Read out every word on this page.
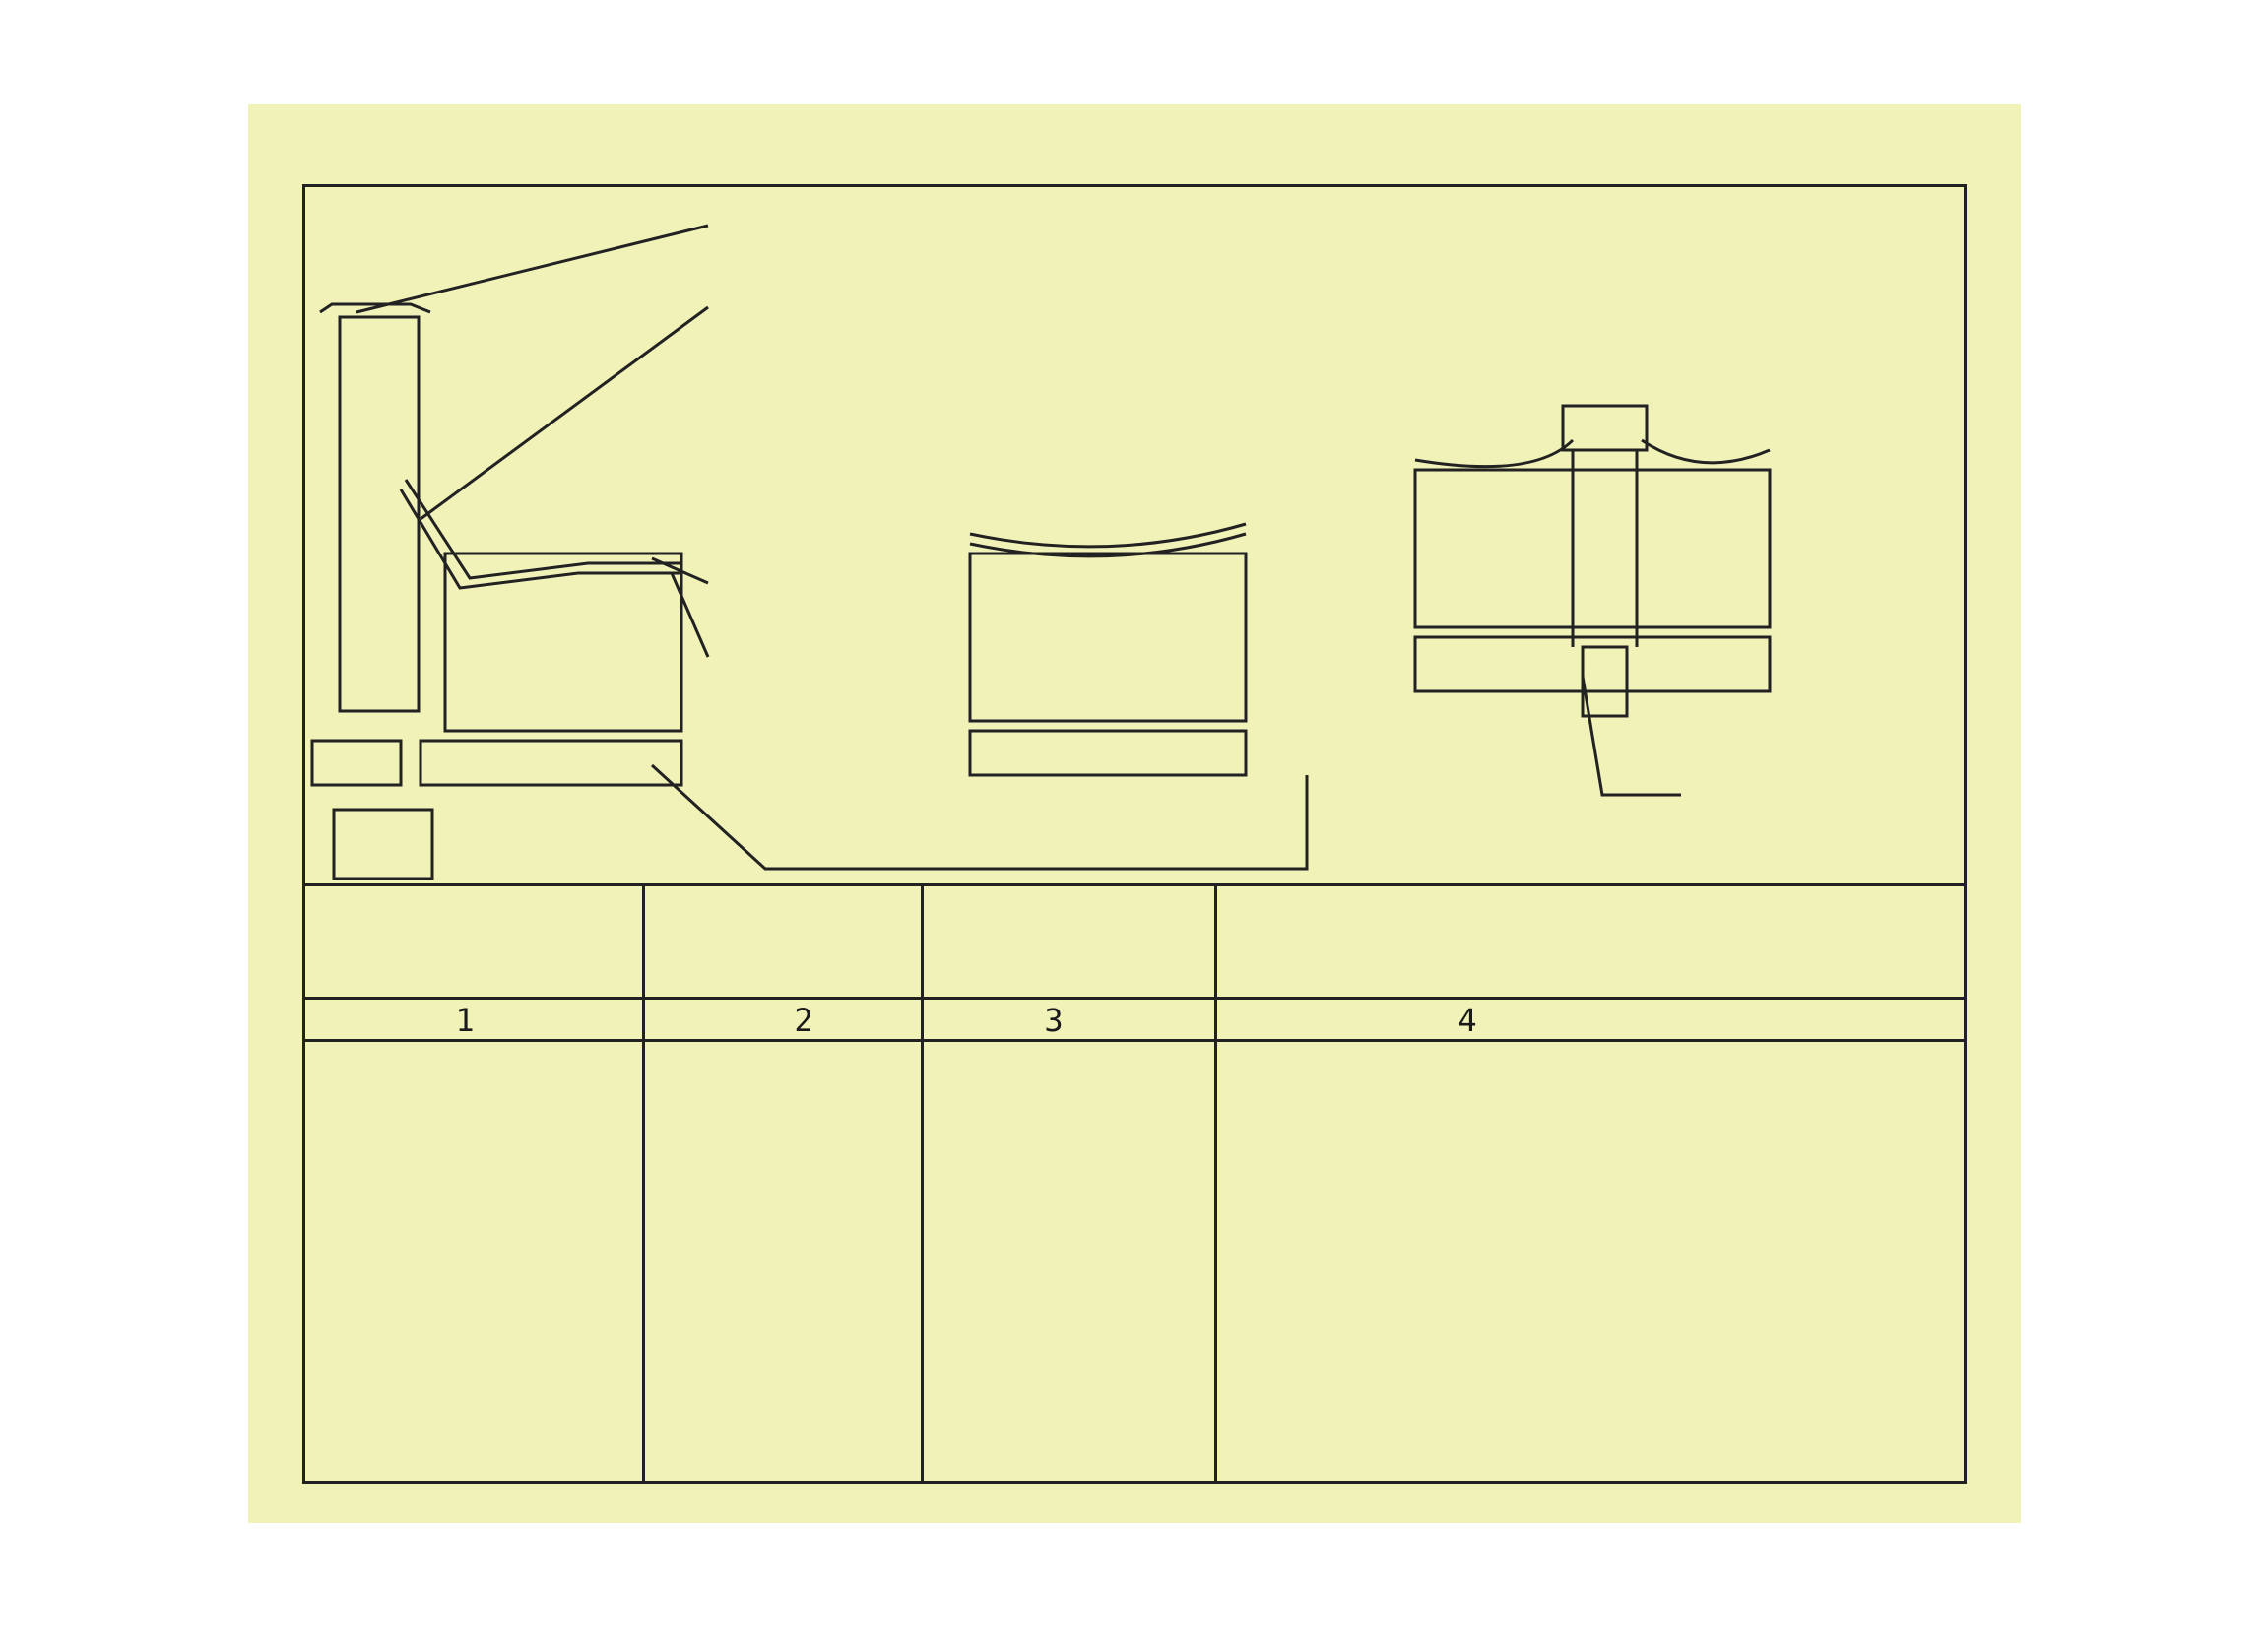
1	2	3	4
